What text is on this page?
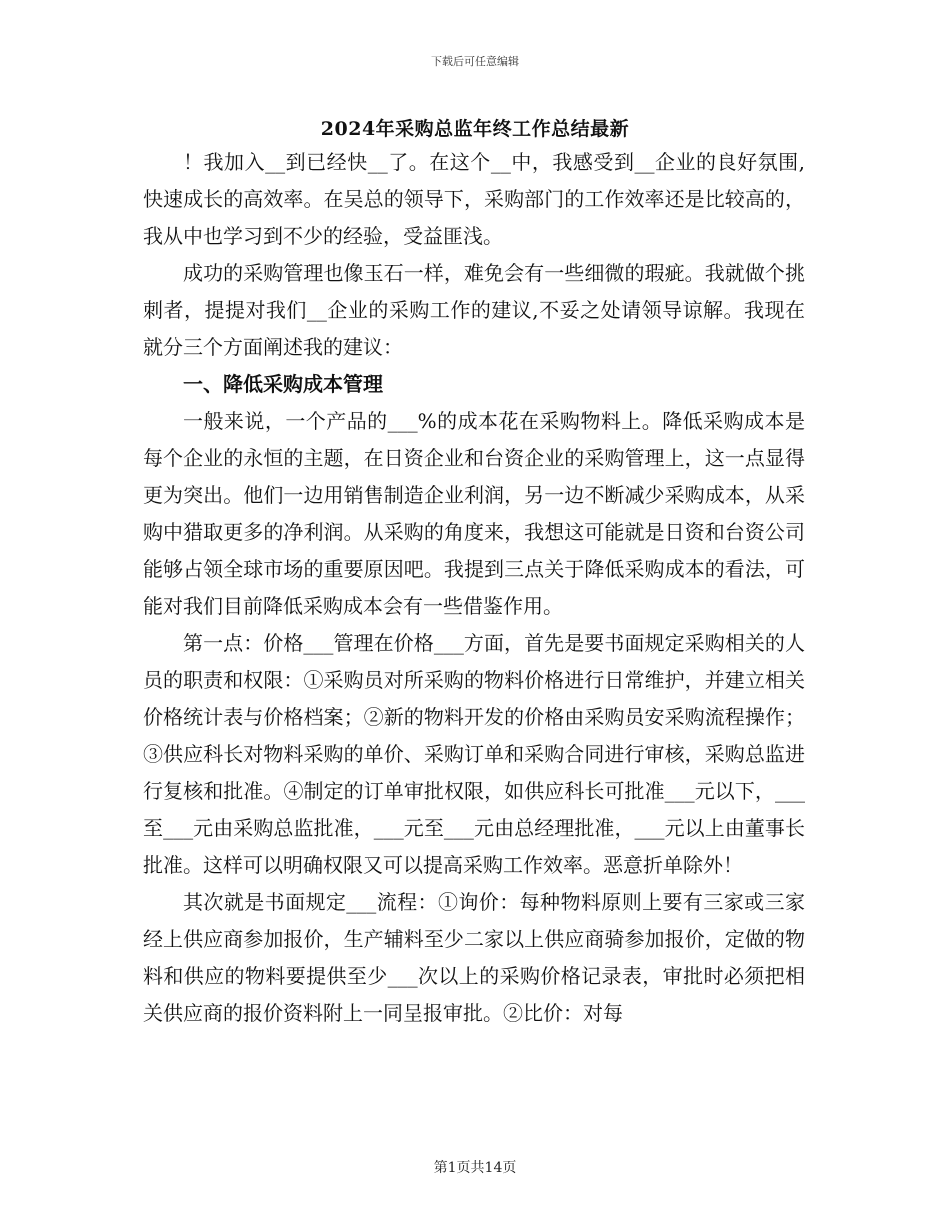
下载后可任意编辑
2024年采购总监年终工作总结最新

！我加入__到已经快__了。在这个__中，我感受到__企业的良好氛围,快速成长的高效率。在吴总的领导下，采购部门的工作效率还是比较高的，我从中也学习到不少的经验，受益匪浅。

成功的采购管理也像玉石一样，难免会有一些细微的瑕疵。我就做个挑刺者，提提对我们__企业的采购工作的建议,不妥之处请领导谅解。我现在就分三个方面阐述我的建议：

一、降低采购成本管理

一般来说，一个产品的___%的成本花在采购物料上。降低采购成本是每个企业的永恒的主题，在日资企业和台资企业的采购管理上，这一点显得更为突出。他们一边用销售制造企业利润，另一边不断减少采购成本，从采购中猎取更多的净利润。从采购的角度来，我想这可能就是日资和台资公司能够占领全球市场的重要原因吧。我提到三点关于降低采购成本的看法，可能对我们目前降低采购成本会有一些借鉴作用。

第一点：价格___管理在价格___方面，首先是要书面规定采购相关的人员的职责和权限：①采购员对所采购的物料价格进行日常维护，并建立相关价格统计表与价格档案；②新的物料开发的价格由采购员安采购流程操作；③供应科长对物料采购的单价、采购订单和采购合同进行审核，采购总监进行复核和批准。④制定的订单审批权限，如供应科长可批准___元以下，___至___元由采购总监批准，___元至___元由总经理批准，___元以上由董事长批准。这样可以明确权限又可以提高采购工作效率。恶意折单除外！

其次就是书面规定___流程：①询价：每种物料原则上要有三家或三家经上供应商参加报价，生产辅料至少二家以上供应商骑参加报价，定做的物料和供应的物料要提供至少___次以上的采购价格记录表，审批时必须把相关供应商的报价资料附上一同呈报审批。②比价：对每

第1页共14页
